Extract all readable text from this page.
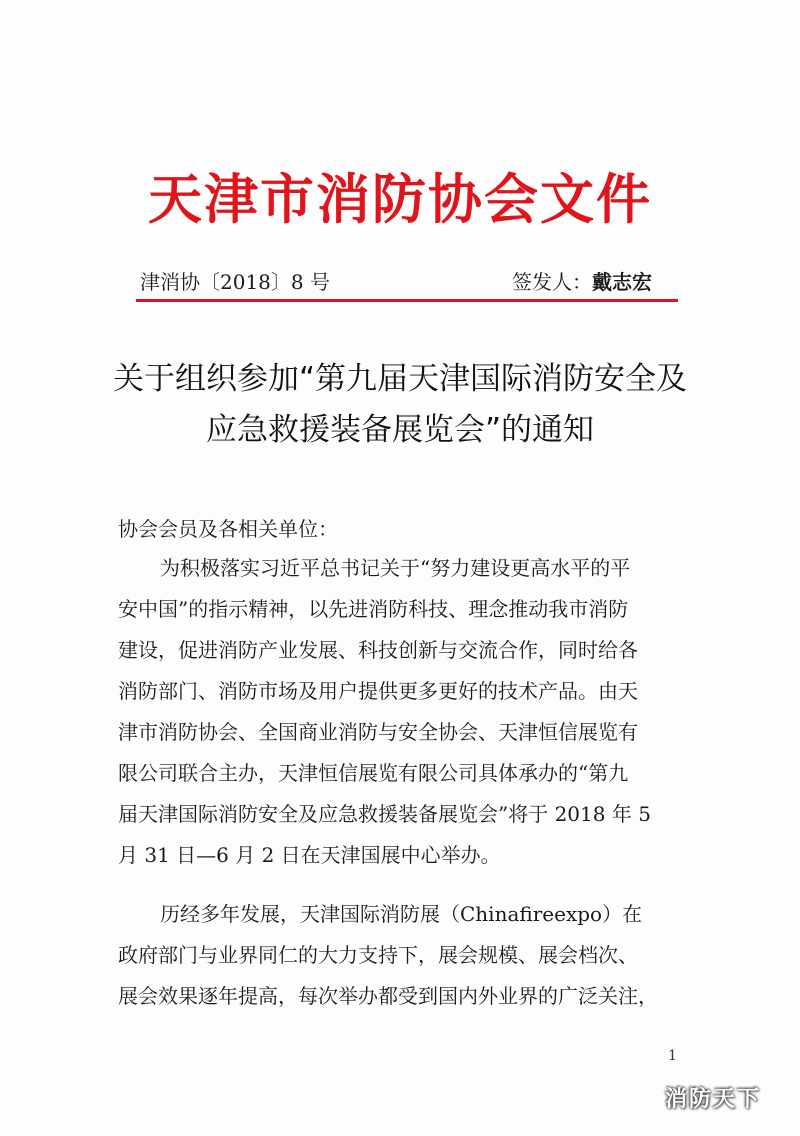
天津市消防协会文件
津消协〔2018〕8 号	签发人：戴志宏
关于组织参加“第九届天津国际消防安全及
应急救援装备展览会”的通知
协会会员及各相关单位：
为积极落实习近平总书记关于“努力建设更高水平的平
安中国”的指示精神，以先进消防科技、理念推动我市消防
建设，促进消防产业发展、科技创新与交流合作，同时给各
消防部门、消防市场及用户提供更多更好的技术产品。由天
津市消防协会、全国商业消防与安全协会、天津恒信展览有
限公司联合主办，天津恒信展览有限公司具体承办的“第九
届天津国际消防安全及应急救援装备展览会”将于 2018 年 5
月 31 日—6 月 2 日在天津国展中心举办。
历经多年发展，天津国际消防展（Chinafireexpo）在
政府部门与业界同仁的大力支持下，展会规模、展会档次、
展会效果逐年提高，每次举办都受到国内外业界的广泛关注，
1
消防天下
